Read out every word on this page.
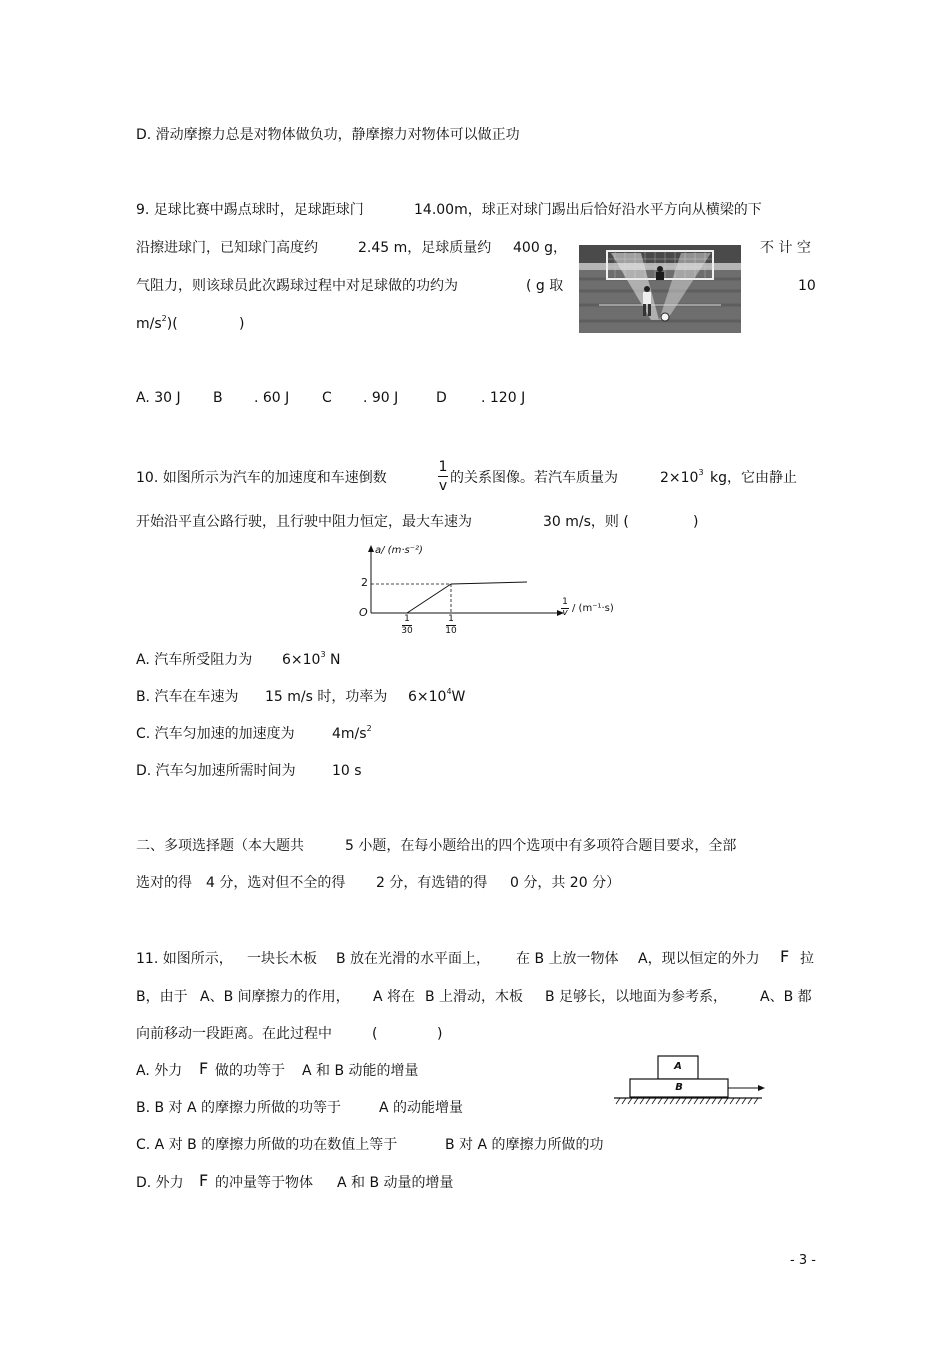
D. 滑动摩擦力总是对物体做负功，静摩擦力对物体可以做正功
9. 足球比赛中踢点球时，足球距球门	14.00m，球正对球门踢出后恰好沿水平方向从横梁的下
沿擦进球门，已知球门高度约	2.45 m，足球质量约 400 g，	不 计 空
气阻力，则该球员此次踢球过程中对足球做的功约为	( g 取	10
$m/s^2$)(	)
A. 30 J B . 60 J C . 90 J	D . 120 J
10. 如图所示为汽车的加速度和车速倒数
1
v 的关系图像。若汽车质量为	$2\times 10^3$ kg，它由静止
开始沿平直公路行驶，且行驶中阻力恒定，最大车速为	30 m/s，则 (	)
a/ (m·s⁻²)
2
O	1
30
1
10
1
v / (m⁻¹·s)
A. 汽车所受阻力为 $6\times 10^3$ N
B. 汽车在车速为 15 m/s 时，功率为 $6\times 10^4W$
C. 汽车匀加速的加速度为	$4m/s^2$
D. 汽车匀加速所需时间为	10 s
二、多项选择题（本大题共	5 小题，在每小题给出的四个选项中有多项符合题目要求，全部
选对的得 4 分，选对但不全的得 2 分，有选错的得 0 分，共 20 分）
11. 如图所示， 一块长木板 B 放在光滑的水平面上， 在 B 上放一物体 A，现以恒定的外力 F 拉
B，由于 A、B 间摩擦力的作用， A 将在 B 上滑动，木板 B 足够长，以地面为参考系， A、B 都
向前移动一段距离。在此过程中	(	)
A. 外力 F 做的功等于 A 和 B 动能的增量
B. B 对 A 的摩擦力所做的功等于	A 的动能增量
C. A 对 B 的摩擦力所做的功在数值上等于	B 对 A 的摩擦力所做的功
D. 外力 F 的冲量等于物体 A 和 B 动量的增量
A
B
- 3 -
